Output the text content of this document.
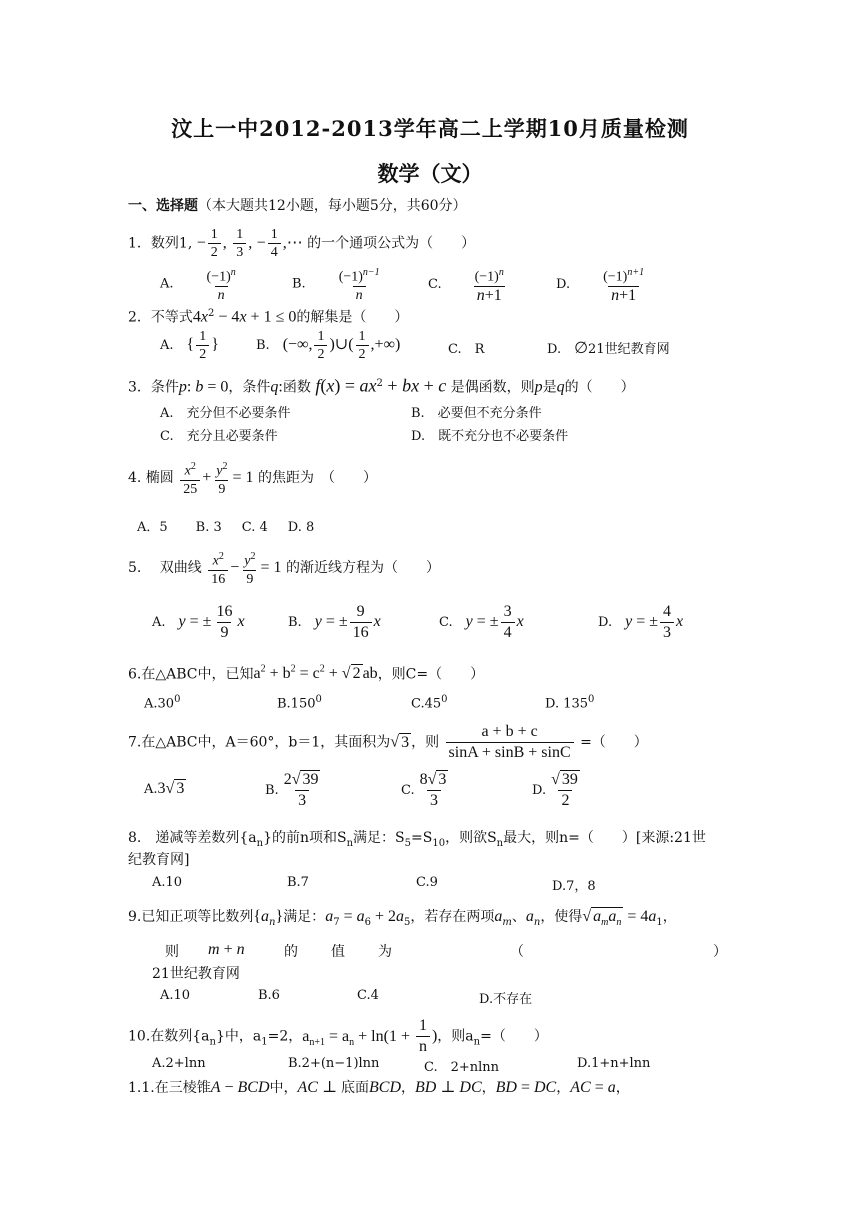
汶上一中2012-2013学年高二上学期10月质量检测
数学（文）
一、选择题（本大题共12小题，每小题5分，共60分）
1．数列1, − $\frac{1}{2}$ , $\frac{1}{3}$ , − $\frac{1}{4}$ ,⋯ 的一个通项公式为（　　）
A. $\frac{(-1)^n}{n}$	B. $\frac{(-1)^{n-1}}{n}$	C. $\frac{(-1)^n}{n+1}$	D. $\frac{(-1)^{n+1}}{n+1}$
2．不等式$4x^2 - 4x + 1 \le 0$的解集是（　　）
A.　 { $\frac{1}{2}$ }	B.　 (−∞, $\frac{1}{2}$ )∪( $\frac{1}{2}$ ,+∞)	C.　R	D.　 ∅21世纪教育网
3．条件p: b = 0，条件q:函数 $f(x) = ax^2$ + bx + c 是偶函数，则p是q的（　　）
A.　充分但不必要条件	B.　必要但不充分条件
C.　充分且必要条件	D.　既不充分也不必要条件
4. 椭圆 $\frac{x^2}{25} + \frac{y^2}{9} = 1$ 的焦距为　（　　）
A．5 B. 3 C. 4 D. 8
5.　 双曲线 $\frac{x^2}{16} - \frac{y^2}{9} = 1$ 的渐近线方程为（　　）
A.　 y = ± $\frac{16}{9}$ x	B.　 y = ± $\frac{9}{16}$ x	C.　 y = ± $\frac{3}{4}$ x	D.　 y = ± $\frac{4}{3}$ x
6.在△ABC中，已知$a^2 + b^2 = c^2$ + √ 2 ab，则C=（　　）
$A.30^0$	B.150$^0$	$C.45^0$	D. $135^0$
7.在△ABC中，A＝60°，b＝1，其面积为√ 3 ，则 $\frac{a + b + c}{\sin A + \sin B + \sin C}$ =（　　）
A.3√ 3	B. $\frac{2√ 39}{3}$	C. $\frac{8√ 3}{3}$	D. $\frac{√ 39}{2}$
8.　递减等差数列$\{a_n\}$的前n项和$S_n$满足：$S_5=S_{10}$，则欲$S_n$最大，则n=（　　）[来源:21世
纪教育网]
A.10	B.7	C.9	D.7，8
9.已知正项等比数列$\{a_n\}$满足：$a_7 = a_6 + 2a_5$，若存在两项$a_m$、$a_n$，使得√ $a_ma_n = 4a_1$，
则 m + n	的 值 为	（	）
21世纪教育网
A.10	B.6	C.4	D.不存在
10.在数列$\{a_n\}$中，$a_1=2$，$a_{n+1} = a_n + \ln(1 + \frac{1}{n}$ )，则$a_n=$（　　）
A.2+lnn	B.2+(n−1)lnn	C.　2+nlnn	D.1+n+lnn
1.1.在三棱锥A − BCD中，AC ⊥ 底面BCD，BD ⊥ DC，BD = DC，AC = a，
